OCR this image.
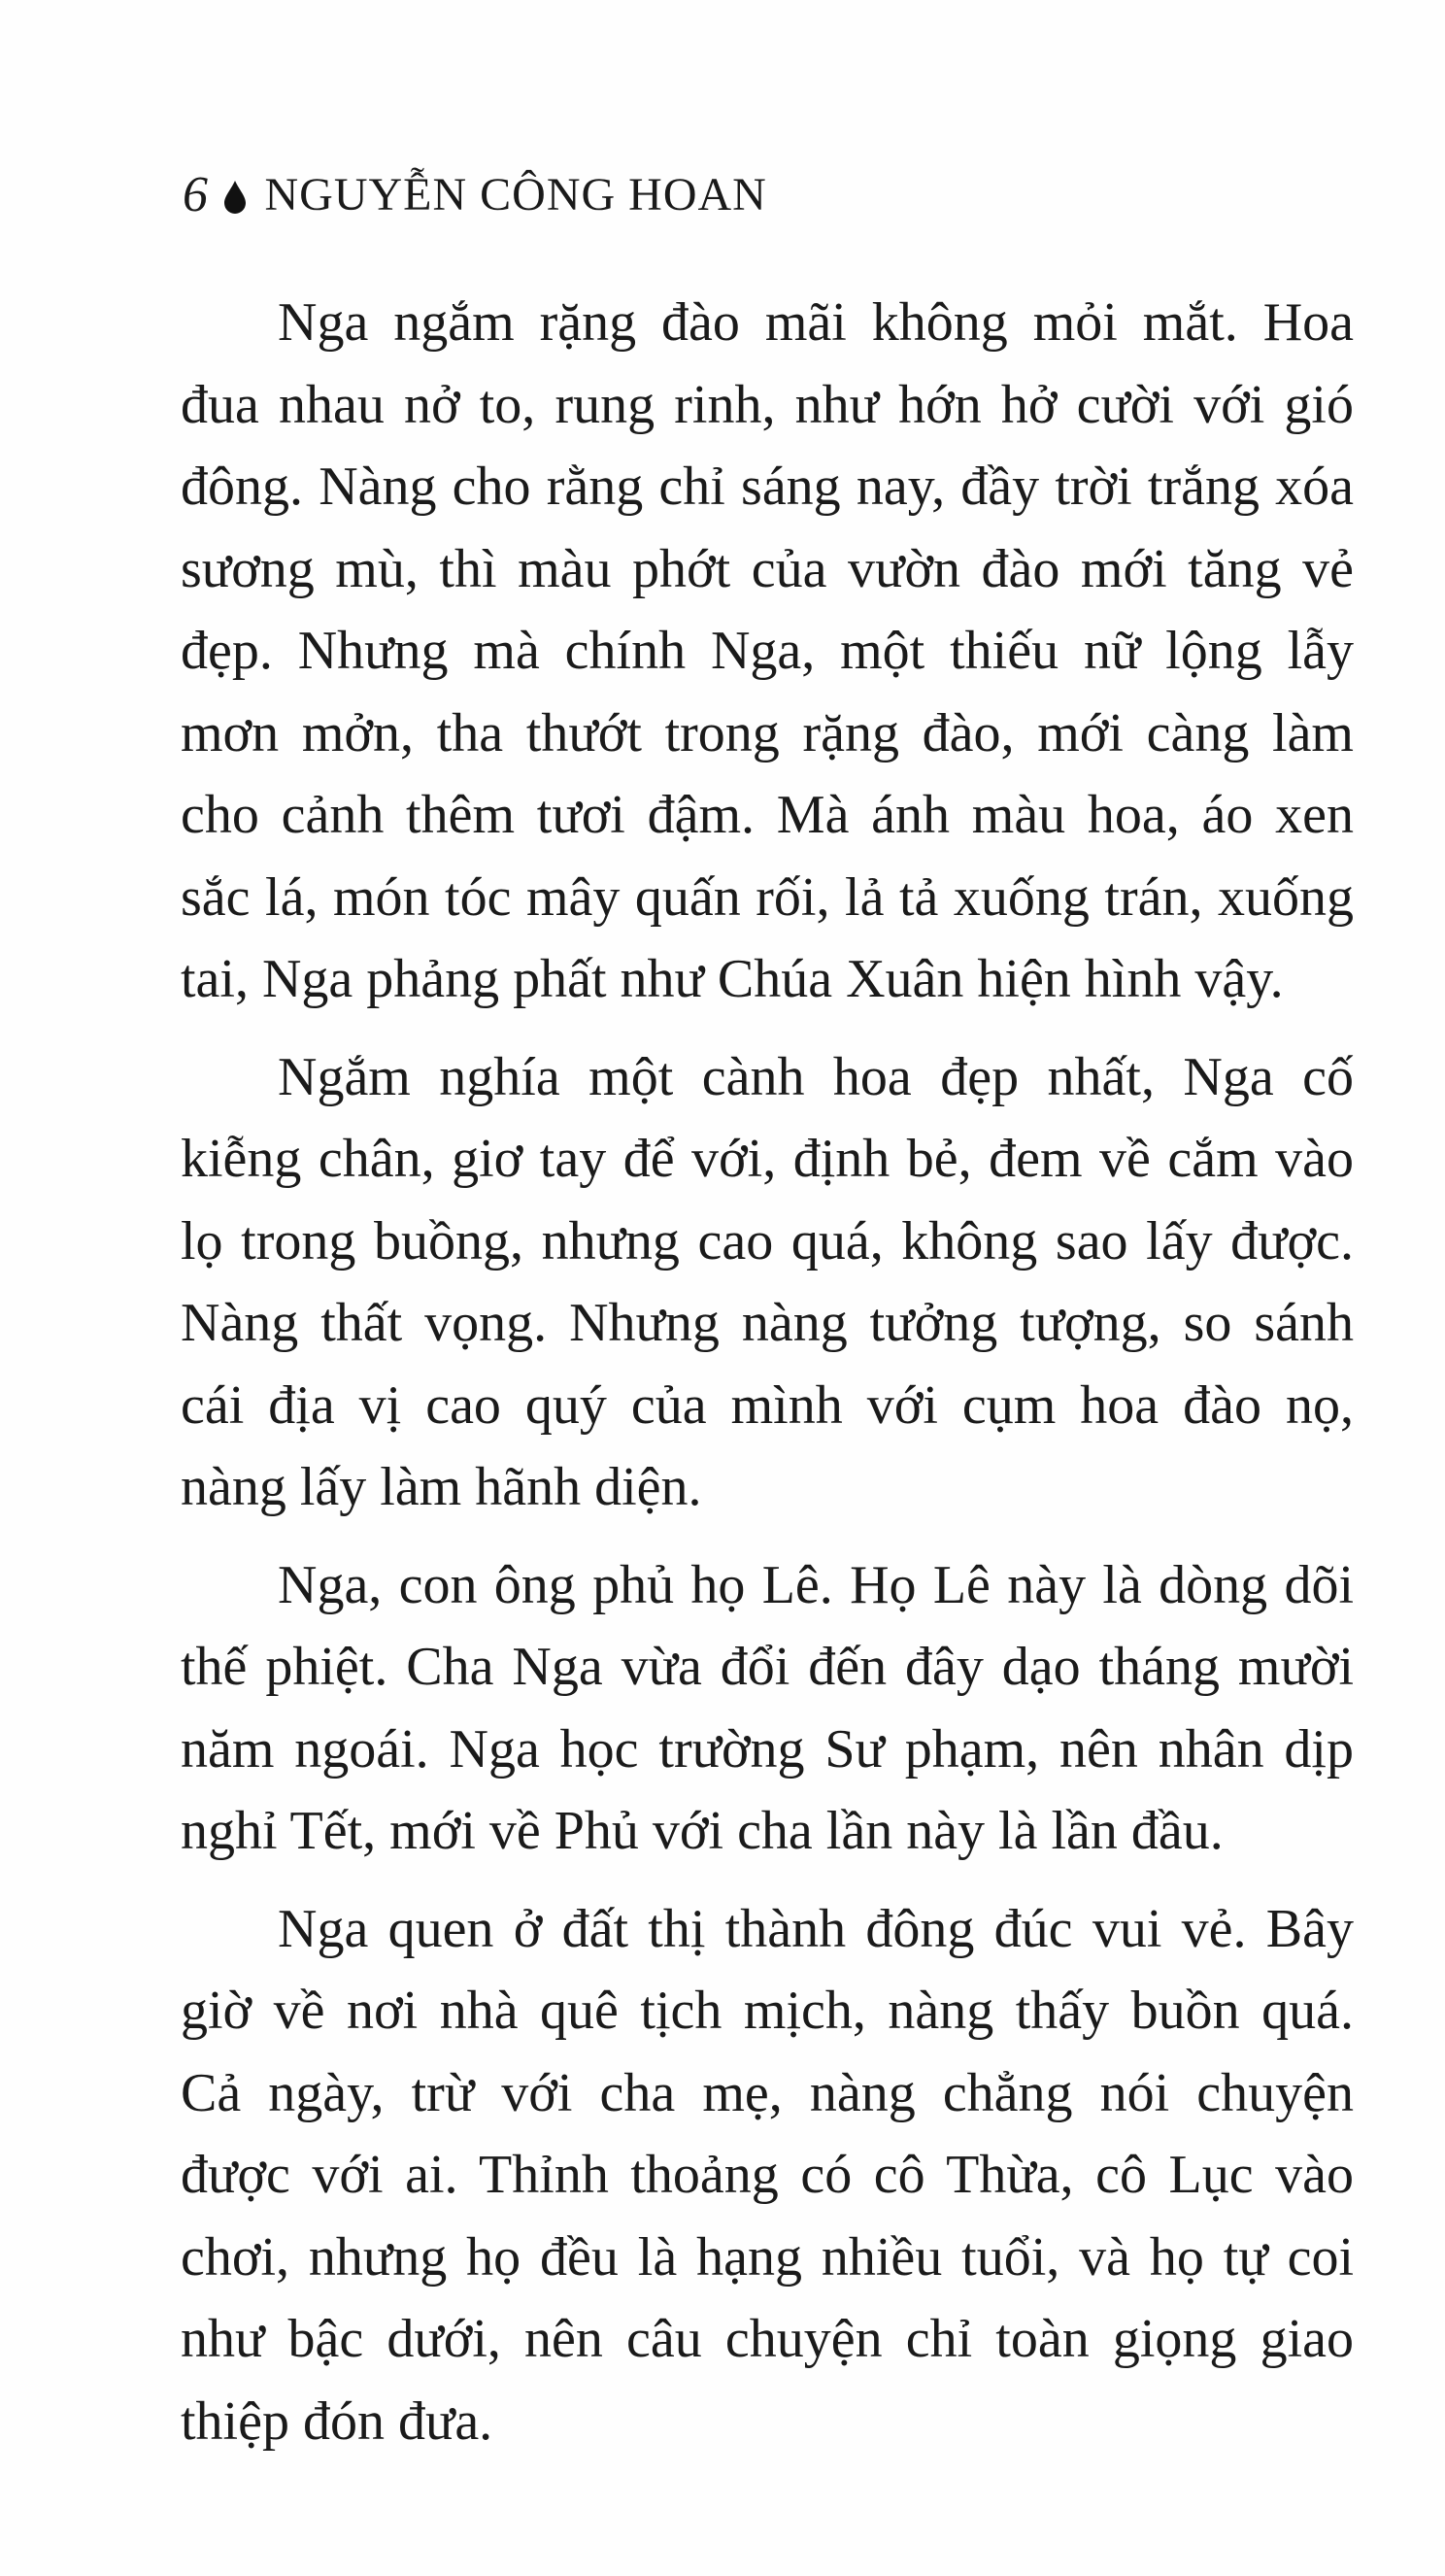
6 NGUYỄN CÔNG HOAN
Nga ngắm rặng đào mãi không mỏi mắt. Hoa
đua nhau nở to, rung rinh, như hớn hở cười với gió
đông. Nàng cho rằng chỉ sáng nay, đầy trời trắng xóa
sương mù, thì màu phớt của vườn đào mới tăng vẻ
đẹp. Nhưng mà chính Nga, một thiếu nữ lộng lẫy
mơn mởn, tha thướt trong rặng đào, mới càng làm
cho cảnh thêm tươi đậm. Mà ánh màu hoa, áo xen
sắc lá, món tóc mây quấn rối, lả tả xuống trán, xuống
tai, Nga phảng phất như Chúa Xuân hiện hình vậy.
Ngắm nghía một cành hoa đẹp nhất, Nga cố
kiễng chân, giơ tay để với, định bẻ, đem về cắm vào
lọ trong buồng, nhưng cao quá, không sao lấy được.
Nàng thất vọng. Nhưng nàng tưởng tượng, so sánh
cái địa vị cao quý của mình với cụm hoa đào nọ,
nàng lấy làm hãnh diện.
Nga, con ông phủ họ Lê. Họ Lê này là dòng dõi
thế phiệt. Cha Nga vừa đổi đến đây dạo tháng mười
năm ngoái. Nga học trường Sư phạm, nên nhân dịp
nghỉ Tết, mới về Phủ với cha lần này là lần đầu.
Nga quen ở đất thị thành đông đúc vui vẻ. Bây
giờ về nơi nhà quê tịch mịch, nàng thấy buồn quá.
Cả ngày, trừ với cha mẹ, nàng chẳng nói chuyện
được với ai. Thỉnh thoảng có cô Thừa, cô Lục vào
chơi, nhưng họ đều là hạng nhiều tuổi, và họ tự coi
như bậc dưới, nên câu chuyện chỉ toàn giọng giao
thiệp đón đưa.
